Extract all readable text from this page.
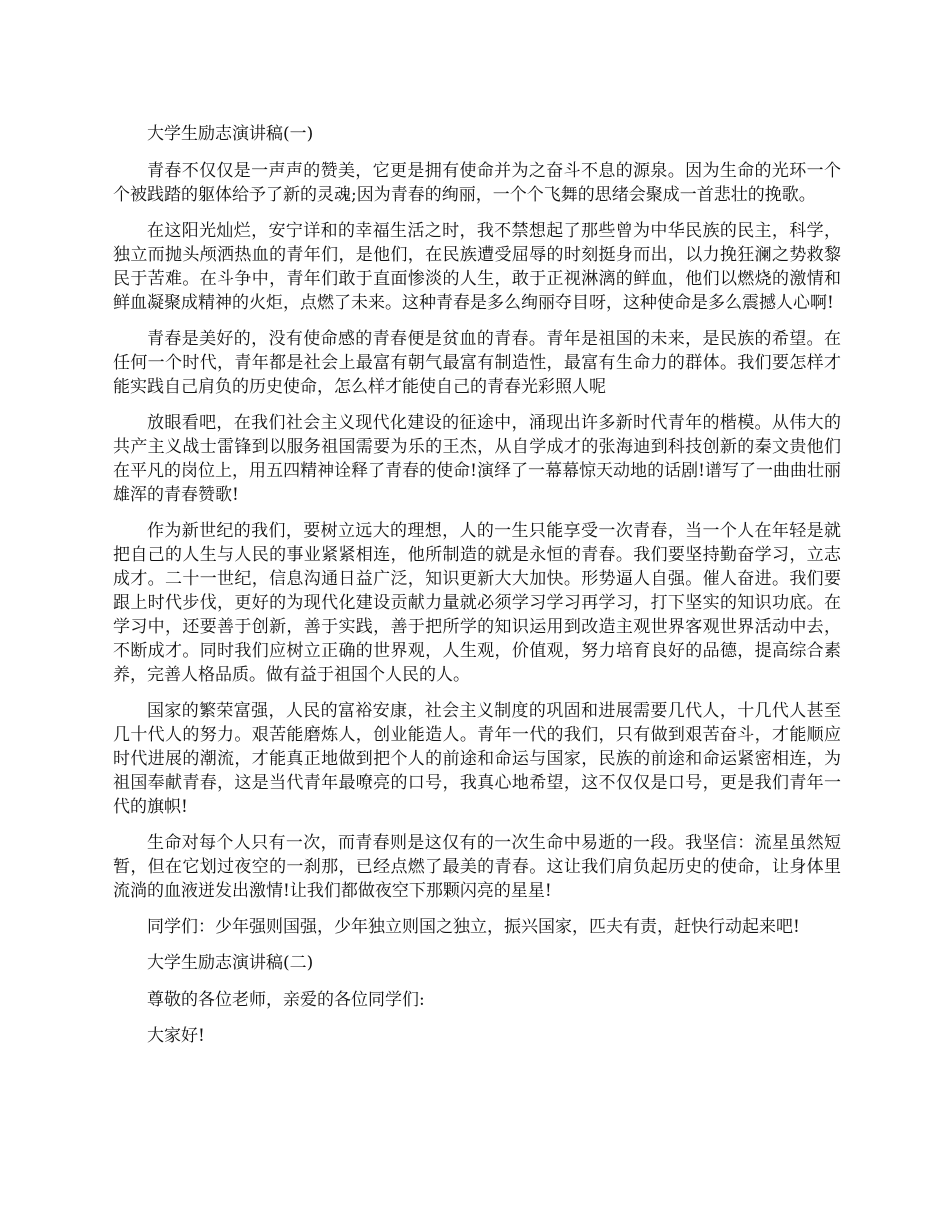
大学生励志演讲稿(一)

青春不仅仅是一声声的赞美，它更是拥有使命并为之奋斗不息的源泉。因为生命的光环一个个被践踏的躯体给予了新的灵魂;因为青春的绚丽，一个个飞舞的思绪会聚成一首悲壮的挽歌。

在这阳光灿烂，安宁详和的幸福生活之时，我不禁想起了那些曾为中华民族的民主，科学，独立而抛头颅洒热血的青年们，是他们，在民族遭受屈辱的时刻挺身而出，以力挽狂澜之势救黎民于苦难。在斗争中，青年们敢于直面惨淡的人生，敢于正视淋漓的鲜血，他们以燃烧的激情和鲜血凝聚成精神的火炬，点燃了未来。这种青春是多么绚丽夺目呀，这种使命是多么震撼人心啊!

青春是美好的，没有使命感的青春便是贫血的青春。青年是祖国的未来，是民族的希望。在任何一个时代，青年都是社会上最富有朝气最富有制造性，最富有生命力的群体。我们要怎样才能实践自己肩负的历史使命，怎么样才能使自己的青春光彩照人呢

放眼看吧，在我们社会主义现代化建设的征途中，涌现出许多新时代青年的楷模。从伟大的共产主义战士雷锋到以服务祖国需要为乐的王杰，从自学成才的张海迪到科技创新的秦文贵他们在平凡的岗位上，用五四精神诠释了青春的使命!演绎了一幕幕惊天动地的话剧!谱写了一曲曲壮丽雄浑的青春赞歌!

作为新世纪的我们，要树立远大的理想，人的一生只能享受一次青春，当一个人在年轻是就把自己的人生与人民的事业紧紧相连，他所制造的就是永恒的青春。我们要坚持勤奋学习，立志成才。二十一世纪，信息沟通日益广泛，知识更新大大加快。形势逼人自强。催人奋进。我们要跟上时代步伐，更好的为现代化建设贡献力量就必须学习学习再学习，打下坚实的知识功底。在学习中，还要善于创新，善于实践，善于把所学的知识运用到改造主观世界客观世界活动中去，不断成才。同时我们应树立正确的世界观，人生观，价值观，努力培育良好的品德，提高综合素养，完善人格品质。做有益于祖国个人民的人。

国家的繁荣富强，人民的富裕安康，社会主义制度的巩固和进展需要几代人，十几代人甚至几十代人的努力。艰苦能磨炼人，创业能造人。青年一代的我们，只有做到艰苦奋斗，才能顺应时代进展的潮流，才能真正地做到把个人的前途和命运与国家，民族的前途和命运紧密相连，为祖国奉献青春，这是当代青年最嘹亮的口号，我真心地希望，这不仅仅是口号，更是我们青年一代的旗帜!

生命对每个人只有一次，而青春则是这仅有的一次生命中易逝的一段。我坚信：流星虽然短暂，但在它划过夜空的一刹那，已经点燃了最美的青春。这让我们肩负起历史的使命，让身体里流淌的血液迸发出激情!让我们都做夜空下那颗闪亮的星星!

同学们：少年强则国强，少年独立则国之独立，振兴国家，匹夫有责，赶快行动起来吧!

大学生励志演讲稿(二)

尊敬的各位老师，亲爱的各位同学们:

大家好!
